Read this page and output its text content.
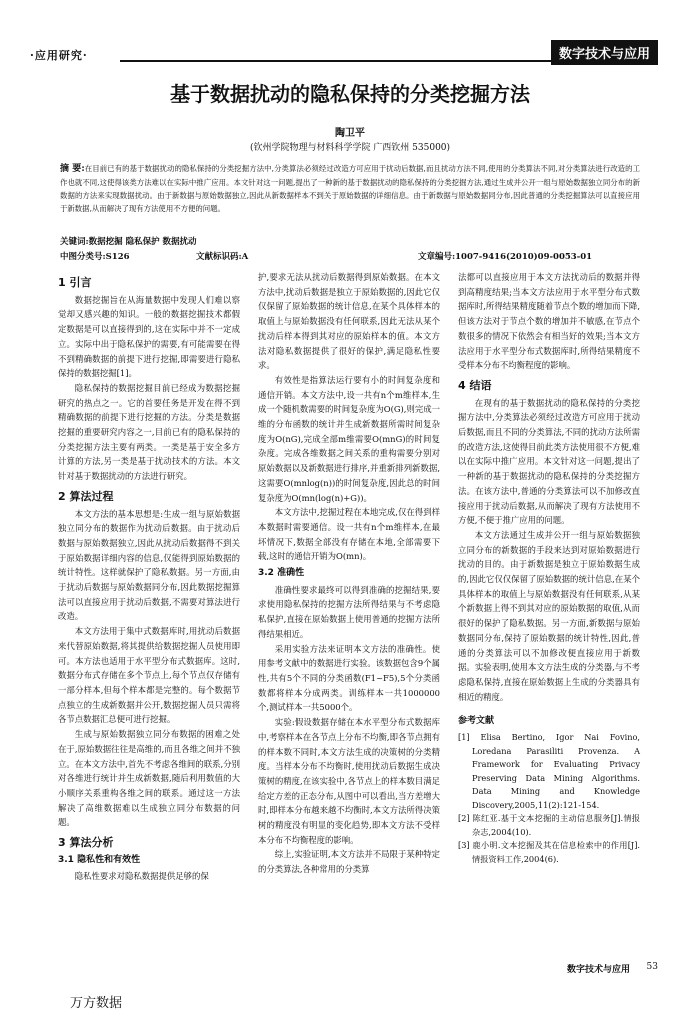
·应用研究·	数字技术与应用
基于数据扰动的隐私保持的分类挖掘方法
陶卫平
(钦州学院物理与材料科学学院 广西钦州 535000)
摘 要:在目前已有的基于数据扰动的隐私保持的分类挖掘方法中,分类算法必须经过改造方可应用于扰动后数据,而且扰动方法不同,使用的分类算法不同,对分类算法进行改造的工作也就不同,这使得该类方法难以在实际中推广应用。本文针对这一问题,提出了一种新的基于数据扰动的隐私保持的分类挖掘方法,通过生成并公开一组与原始数据独立同分布的新数据的方法来实现数据扰动。由于新数据与原始数据独立,因此从新数据样本不到关于原始数据的详细信息。由于新数据与原始数据同分布,因此普通的分类挖掘算法可以直接应用于新数据,从而解决了现有方法使用不方便的问题。
关键词:数据挖掘 隐私保护 数据扰动
中图分类号:S126	文献标识码:A	文章编号:1007-9416(2010)09-0053-01
1 引言

数据挖掘旨在从海量数据中发现人们难以察觉却又感兴趣的知识。一般的数据挖掘技术都假定数据是可以直接得到的,这在实际中并不一定成立。实际中出于隐私保护的需要,有可能需要在得不到精确数据的前提下进行挖掘,即需要进行隐私保持的数据挖掘[1]。

隐私保持的数据挖掘目前已经成为数据挖掘研究的热点之一。它的首要任务是开发在得不到精确数据的前提下进行挖掘的方法。分类是数据挖掘的重要研究内容之一,目前已有的隐私保持的分类挖掘方法主要有两类。一类是基于安全多方计算的方法,另一类是基于扰动技术的方法。本文针对基于数据扰动的方法进行研究。

2 算法过程

本文方法的基本思想是:生成一组与原始数据独立同分布的数据作为扰动后数据。由于扰动后数据与原始数据独立,因此从扰动后数据得不到关于原始数据详细内容的信息,仅能得到原始数据的统计特性。这样就保护了隐私数据。另一方面,由于扰动后数据与原始数据同分布,因此数据挖掘算法可以直接应用于扰动后数据,不需要对算法进行改造。

本文方法用于集中式数据库时,用扰动后数据来代替原始数据,将其提供给数据挖掘人员使用即可。本方法也适用于水平型分布式数据库。这时,数据分布式存储在多个节点上,每个节点仅存储有一部分样本,但每个样本都是完整的。每个数据节点独立的生成新数据并公开,数据挖掘人员只需将各节点数据汇总便可进行挖掘。

生成与原始数据独立同分布数据的困难之处在于,原始数据往往是高维的,而且各维之间并不独立。在本文方法中,首先不考虑各维间的联系,分别对各维进行统计并生成新数据,随后利用数值的大小顺序关系重构各维之间的联系。通过这一方法解决了高维数据难以生成独立同分布数据的问题。

3 算法分析
3.1 隐私性和有效性

隐私性要求对隐私数据提供足够的保

护,要求无法从扰动后数据得到原始数据。在本文方法中,扰动后数据是独立于原始数据的,因此它仅仅保留了原始数据的统计信息,在某个具体样本的取值上与原始数据没有任何联系,因此无法从某个扰动后样本得到其对应的原始样本的值。本文方法对隐私数据提供了很好的保护,满足隐私性要求。

有效性是指算法运行要有小的时间复杂度和通信开销。本文方法中,设一共有n个m维样本,生成一个随机数需要的时间复杂度为O(G),则完成一维的分布函数的统计并生成新数据所需时间复杂度为O(nG),完成全部m维需要O(mnG)的时间复杂度。完成各维数据之间关系的重构需要分别对原始数据以及新数据进行排序,并重新排列新数据,这需要O(mnlog(n))的时间复杂度,因此总的时间复杂度为O(mn(log(n)+G))。

本文方法中,挖掘过程在本地完成,仅在得到样本数据时需要通信。设一共有n个m维样本,在最坏情况下,数据全部没有存储在本地,全部需要下载,这时的通信开销为O(mn)。

3.2 准确性

准确性要求最终可以得到准确的挖掘结果,要求使用隐私保持的挖掘方法所得结果与不考虑隐私保护,直接在原始数据上使用普通的挖掘方法所得结果相近。

采用实验方法来证明本文方法的准确性。使用参考文献中的数据进行实验。该数据包含9个属性,共有5个不同的分类函数(F1~F5),5个分类函数都将样本分成两类。训练样本一共1000000个,测试样本一共5000个。

实验:假设数据存储在本水平型分布式数据库中,考察样本在各节点上分布不均衡,即各节点拥有的样本数不同时,本文方法生成的决策树的分类精度。当样本分布不均衡时,使用扰动后数据生成决策树的精度,在该实验中,各节点上的样本数目满足给定方差的正态分布,从图中可以看出,当方差增大时,即样本分布越来越不均衡时,本文方法所得决策树的精度没有明显的变化趋势,即本文方法不受样本分布不均衡程度的影响。

综上,实验证明,本文方法并不局限于某种特定的分类算法,各种常用的分类算

法都可以直接应用于本文方法扰动后的数据并得到高精度结果;当本文方法应用于水平型分布式数据库时,所得结果精度随着节点个数的增加而下降,但该方法对于节点个数的增加并不敏感,在节点个数很多的情况下依然会有相当好的效果;当本文方法应用于水平型分布式数据库时,所得结果精度不受样本分布不均衡程度的影响。

4 结语

在现有的基于数据扰动的隐私保持的分类挖掘方法中,分类算法必须经过改造方可应用于扰动后数据,而且不同的分类算法,不同的扰动方法所需的改造方法,这使得目前此类方法使用很不方便,难以在实际中推广应用。本文针对这一问题,提出了一种新的基于数据扰动的隐私保持的分类挖掘方法。在该方法中,普通的分类算法可以不加修改直接应用于扰动后数据,从而解决了现有方法使用不方便,不便于推广应用的问题。

本文方法通过生成并公开一组与原始数据独立同分布的新数据的手段来达到对原始数据进行扰动的目的。由于新数据是独立于原始数据生成的,因此它仅仅保留了原始数据的统计信息,在某个具体样本的取值上与原始数据没有任何联系,从某个新数据上得不到其对应的原始数据的取值,从而很好的保护了隐私数据。另一方面,新数据与原始数据同分布,保持了原始数据的统计特性,因此,普通的分类算法可以不加修改便直接应用于新数据。实验表明,使用本文方法生成的分类器,与不考虑隐私保持,直接在原始数据上生成的分类器具有相近的精度。

参考文献
[1] Elisa Bertino, Igor Nai Fovino, Loredana Parasiliti Provenza. A Framework for Evaluating Privacy Preserving Data Mining Algorithms. Data Mining and Knowledge Discovery,2005,11(2):121-154.
[2] 陈红亚.基于文本挖掘的主动信息服务[J].情报杂志,2004(10).
[3] 鹿小明.文本挖掘及其在信息检索中的作用[J].情报资料工作,2004(6).
数字技术与应用 53
万方数据
